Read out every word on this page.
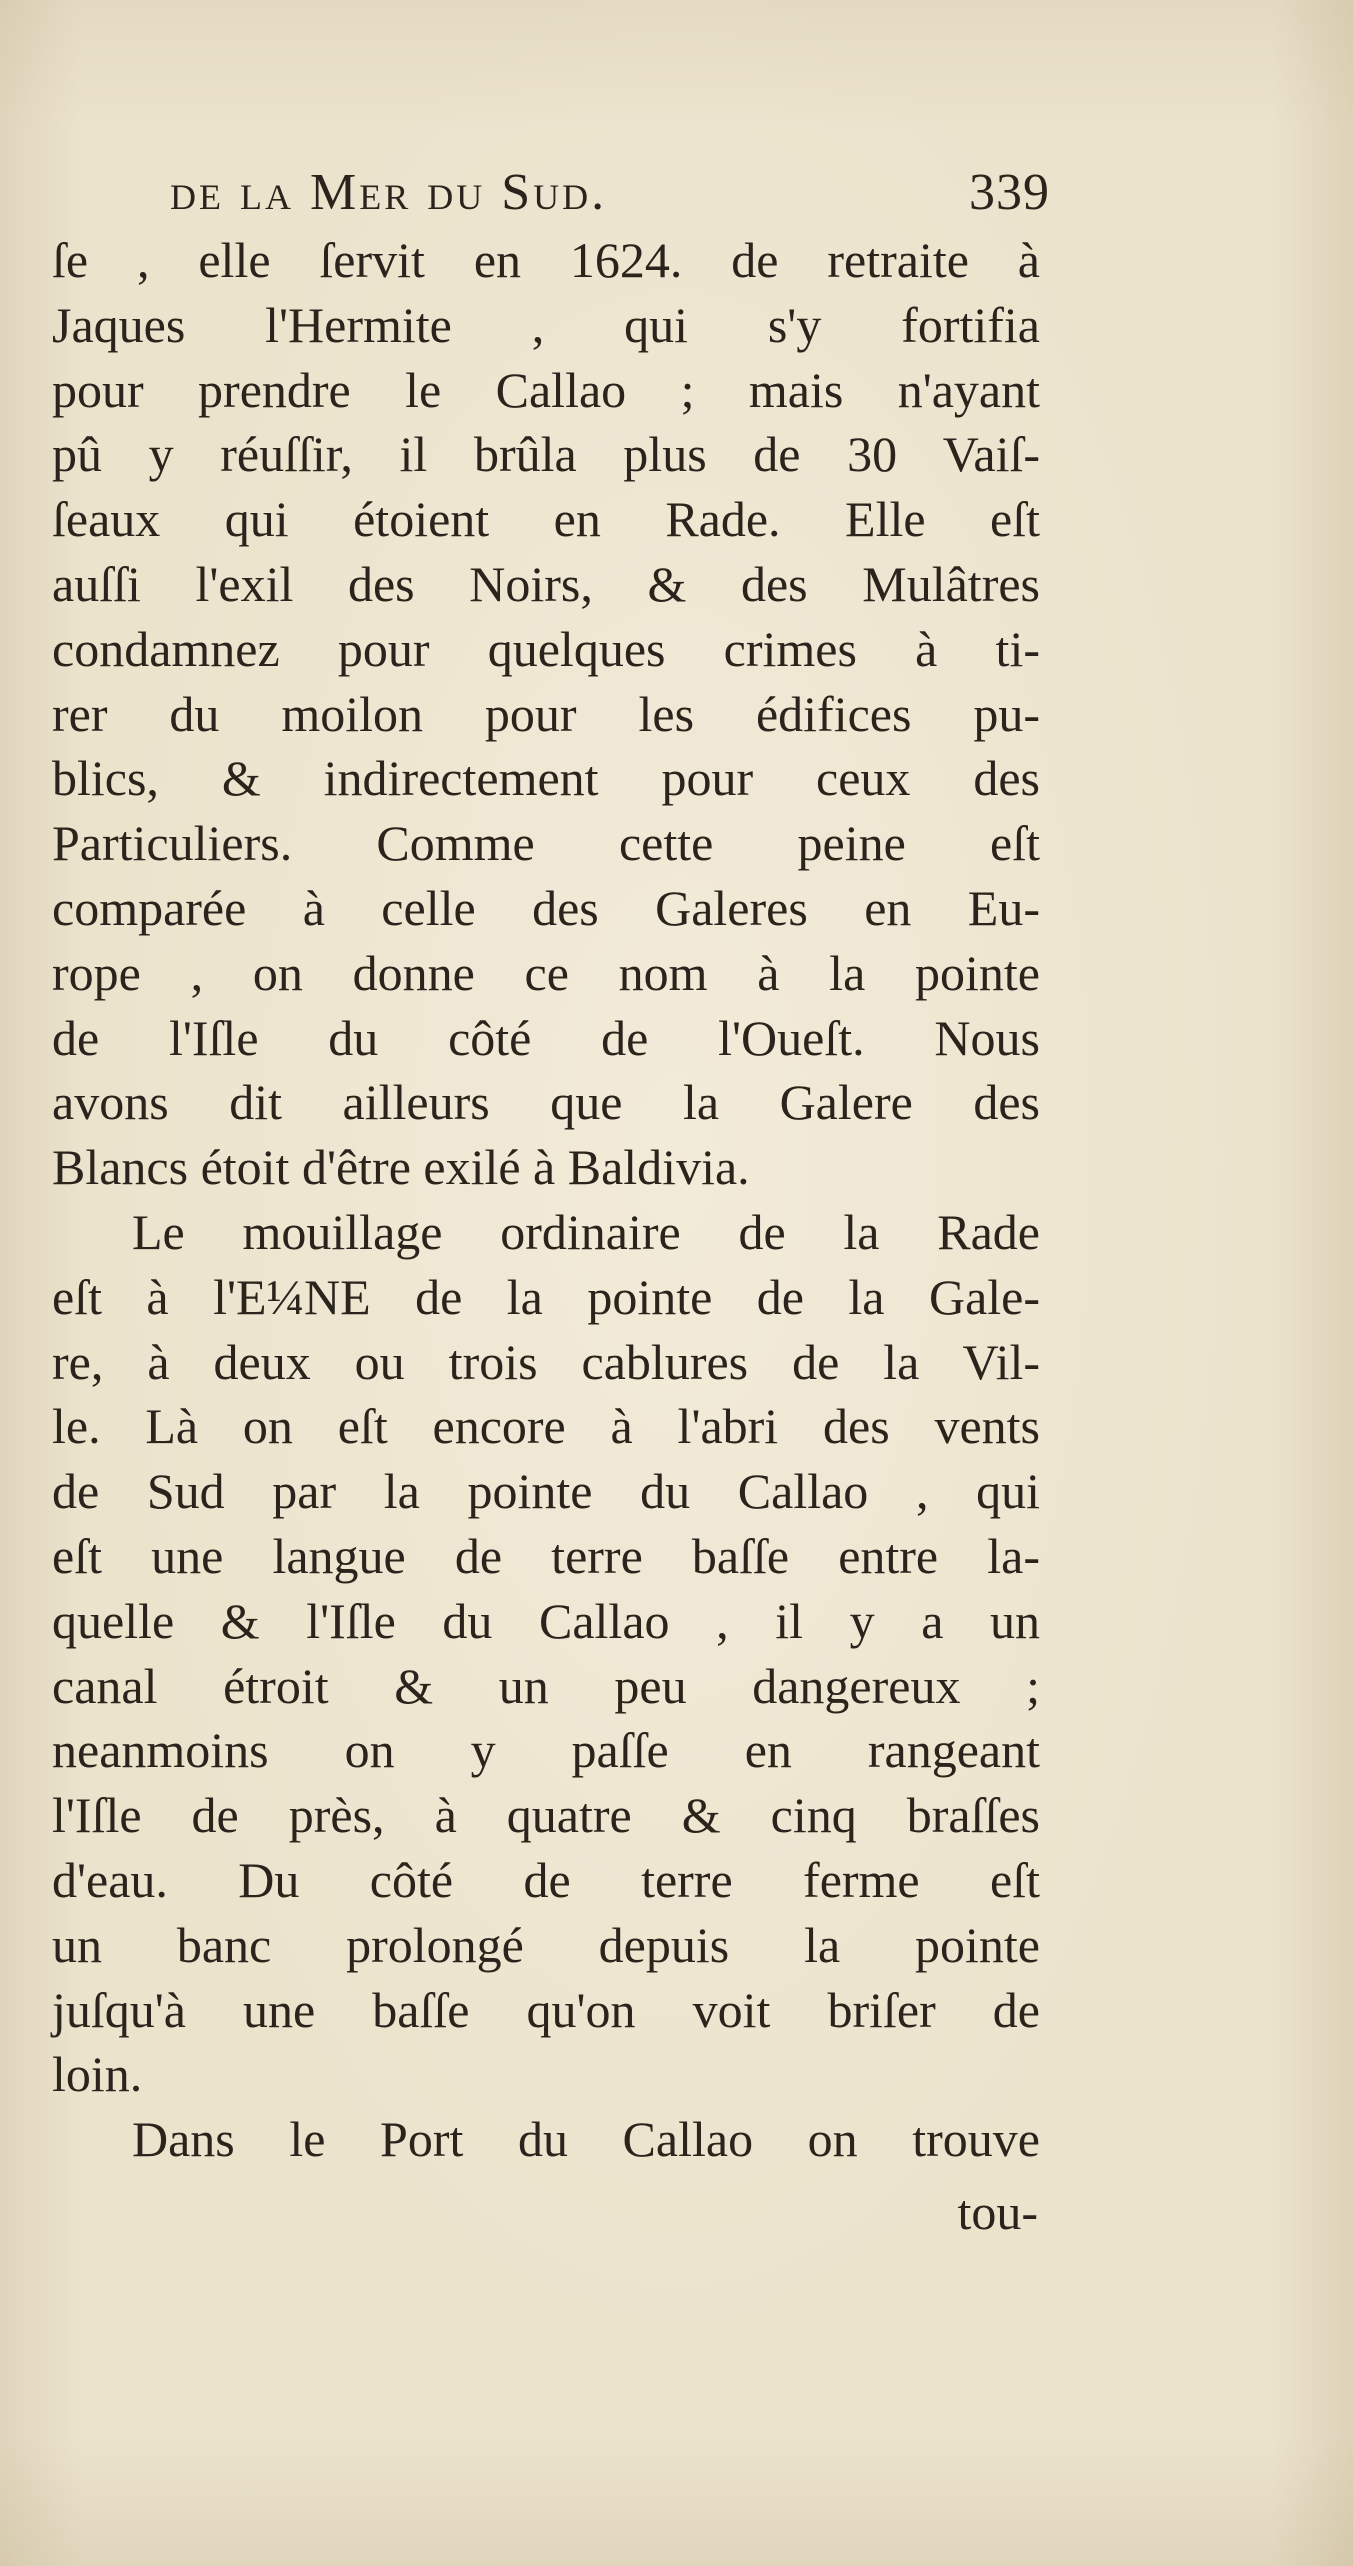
de la Mer du Sud.	339
ſe , elle ſervit en 1624. de retraite à
Jaques l'Hermite , qui s'y fortifia
pour prendre le Callao ; mais n'ayant
pû y réuſſir, il brûla plus de 30 Vaiſ-
ſeaux qui étoient en Rade. Elle eſt
auſſi l'exil des Noirs, & des Mulâtres
condamnez pour quelques crimes à ti-
rer du moilon pour les édifices pu-
blics, & indirectement pour ceux des
Particuliers. Comme cette peine eſt
comparée à celle des Galeres en Eu-
rope , on donne ce nom à la pointe
de l'Iſle du côté de l'Oueſt. Nous
avons dit ailleurs que la Galere des
Blancs étoit d'être exilé à Baldivia.
Le mouillage ordinaire de la Rade
eſt à l'E¼NE de la pointe de la Gale-
re, à deux ou trois cablures de la Vil-
le. Là on eſt encore à l'abri des vents
de Sud par la pointe du Callao , qui
eſt une langue de terre baſſe entre la-
quelle & l'Iſle du Callao , il y a un
canal étroit & un peu dangereux ;
neanmoins on y paſſe en rangeant
l'Iſle de près, à quatre & cinq braſſes
d'eau. Du côté de terre ferme eſt
un banc prolongé depuis la pointe
juſqu'à une baſſe qu'on voit briſer de
loin.
Dans le Port du Callao on trouve
tou-
